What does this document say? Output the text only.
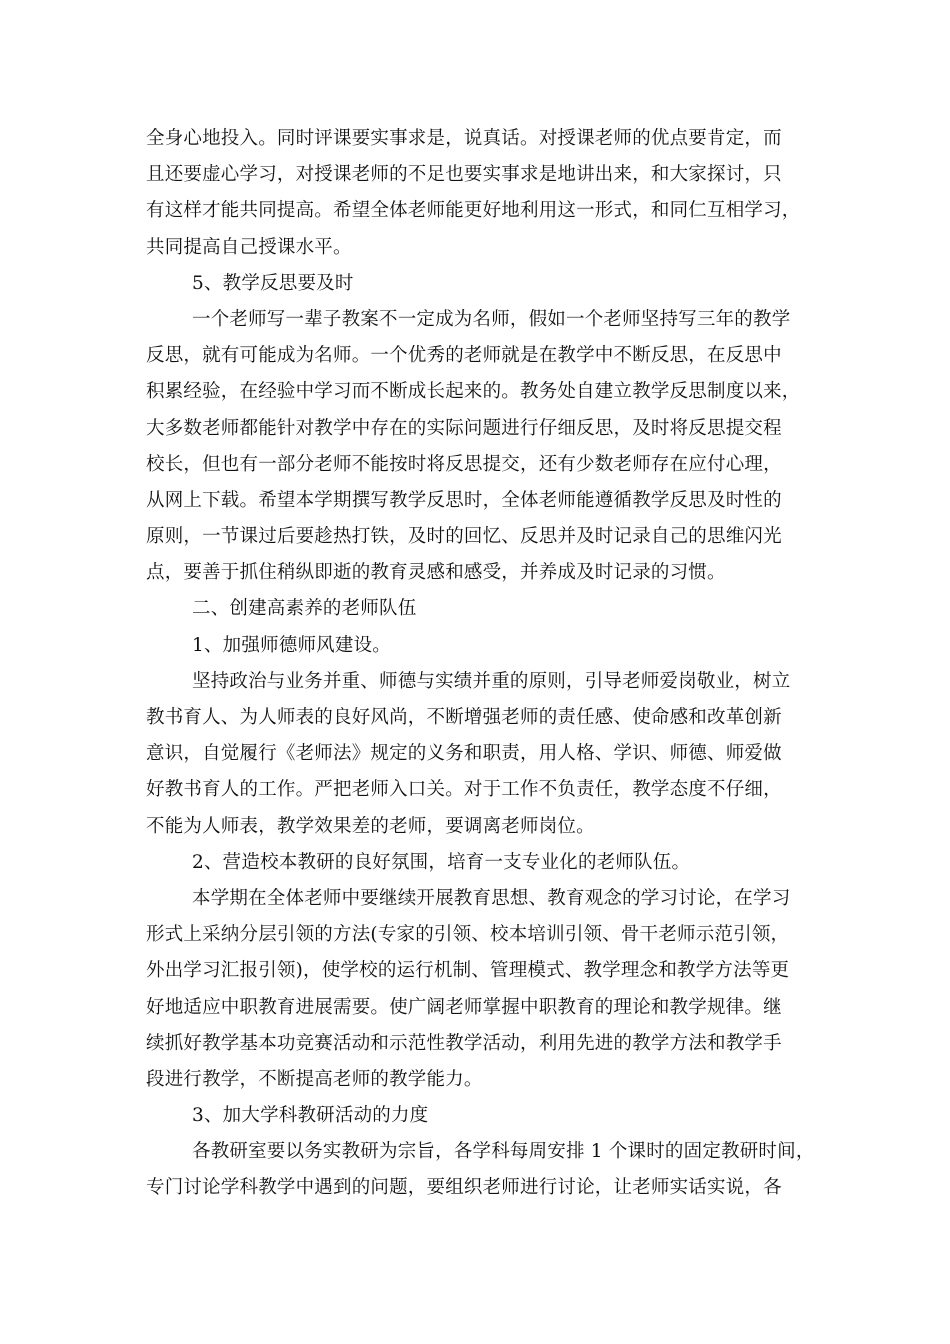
全身心地投入。同时评课要实事求是，说真话。对授课老师的优点要肯定，而
且还要虚心学习，对授课老师的不足也要实事求是地讲出来，和大家探讨，只
有这样才能共同提高。希望全体老师能更好地利用这一形式，和同仁互相学习，
共同提高自己授课水平。
5、教学反思要及时
一个老师写一辈子教案不一定成为名师，假如一个老师坚持写三年的教学
反思，就有可能成为名师。一个优秀的老师就是在教学中不断反思，在反思中
积累经验，在经验中学习而不断成长起来的。教务处自建立教学反思制度以来，
大多数老师都能针对教学中存在的实际问题进行仔细反思，及时将反思提交程
校长，但也有一部分老师不能按时将反思提交，还有少数老师存在应付心理，
从网上下载。希望本学期撰写教学反思时，全体老师能遵循教学反思及时性的
原则，一节课过后要趁热打铁，及时的回忆、反思并及时记录自己的思维闪光
点，要善于抓住稍纵即逝的教育灵感和感受，并养成及时记录的习惯。
二、创建高素养的老师队伍
1、加强师德师风建设。
坚持政治与业务并重、师德与实绩并重的原则，引导老师爱岗敬业，树立
教书育人、为人师表的良好风尚，不断增强老师的责任感、使命感和改革创新
意识，自觉履行《老师法》规定的义务和职责，用人格、学识、师德、师爱做
好教书育人的工作。严把老师入口关。对于工作不负责任，教学态度不仔细，
不能为人师表，教学效果差的老师，要调离老师岗位。
2、营造校本教研的良好氛围，培育一支专业化的老师队伍。
本学期在全体老师中要继续开展教育思想、教育观念的学习讨论，在学习
形式上采纳分层引领的方法(专家的引领、校本培训引领、骨干老师示范引领，
外出学习汇报引领)，使学校的运行机制、管理模式、教学理念和教学方法等更
好地适应中职教育进展需要。使广阔老师掌握中职教育的理论和教学规律。继
续抓好教学基本功竞赛活动和示范性教学活动，利用先进的教学方法和教学手
段进行教学，不断提高老师的教学能力。
3、加大学科教研活动的力度
各教研室要以务实教研为宗旨，各学科每周安排 1 个课时的固定教研时间，
专门讨论学科教学中遇到的问题，要组织老师进行讨论，让老师实话实说，各
